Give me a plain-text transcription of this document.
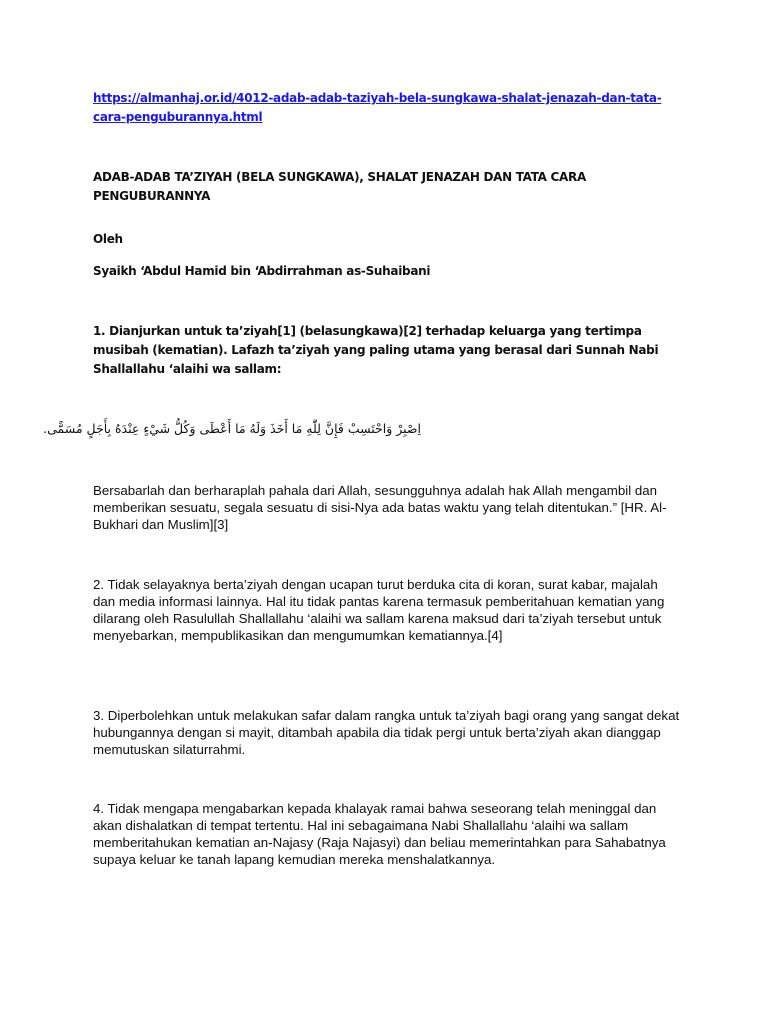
https://almanhaj.or.id/4012-adab-adab-taziyah-bela-sungkawa-shalat-jenazah-dan-tata-cara-penguburannya.html
ADAB-ADAB TA’ZIYAH (BELA SUNGKAWA), SHALAT JENAZAH DAN TATA CARA PENGUBURANNYA
Oleh
Syaikh ‘Abdul Hamid bin ‘Abdirrahman as-Suhaibani
1. Dianjurkan untuk ta’ziyah[1] (belasungkawa)[2] terhadap keluarga yang tertimpa musibah (kematian). Lafazh ta’ziyah yang paling utama yang berasal dari Sunnah Nabi Shallallahu ‘alaihi wa sallam:
اِصْبِرْ وَاحْتَسِبْ فَإِنَّ لِلّٰهِ مَا أَخَذَ وَلَهُ مَا أَعْطَى وَكُلُّ شَيْءٍ عِنْدَهُ بِأَجَلٍ مُسَمًّى.
Bersabarlah dan berharaplah pahala dari Allah, sesungguhnya adalah hak Allah mengambil dan memberikan sesuatu, segala sesuatu di sisi-Nya ada batas waktu yang telah ditentukan.” [HR. Al-Bukhari dan Muslim][3]
2. Tidak selayaknya berta’ziyah dengan ucapan turut berduka cita di koran, surat kabar, majalah dan media informasi lainnya. Hal itu tidak pantas karena termasuk pemberitahuan kematian yang dilarang oleh Rasulullah Shallallahu ‘alaihi wa sallam karena maksud dari ta’ziyah tersebut untuk menyebarkan, mempublikasikan dan mengumumkan kematiannya.[4]
3. Diperbolehkan untuk melakukan safar dalam rangka untuk ta’ziyah bagi orang yang sangat dekat hubungannya dengan si mayit, ditambah apabila dia tidak pergi untuk berta’ziyah akan dianggap memutuskan silaturrahmi.
4. Tidak mengapa mengabarkan kepada khalayak ramai bahwa seseorang telah meninggal dan akan dishalatkan di tempat tertentu. Hal ini sebagaimana Nabi Shallallahu ‘alaihi wa sallam memberitahukan kematian an-Najasy (Raja Najasyi) dan beliau memerintahkan para Sahabatnya supaya keluar ke tanah lapang kemudian mereka menshalatkannya.
